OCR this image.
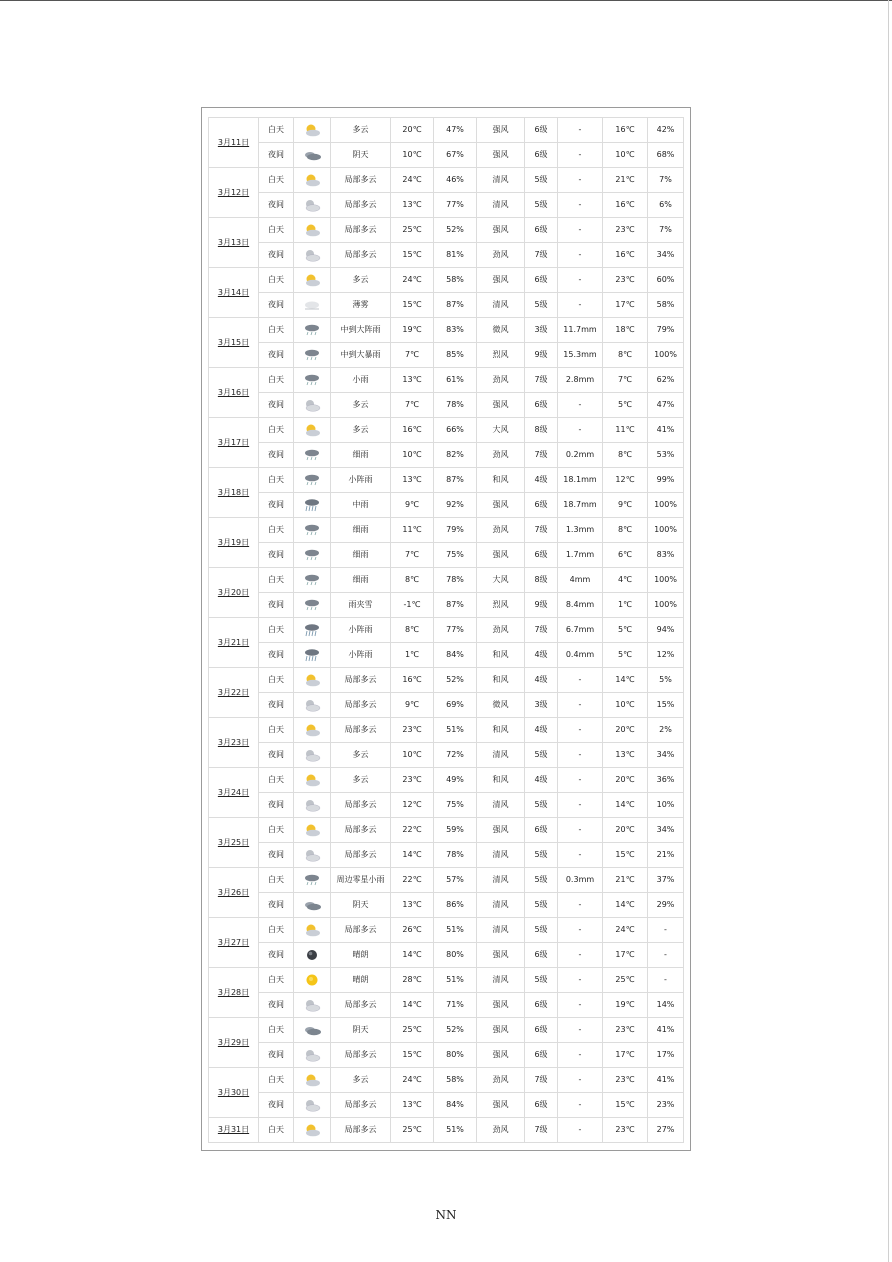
3月11日	白天		多云	20℃	47%	强风	6级	-	16℃	42%
	夜间		阴天	10℃	67%	强风	6级	-	10℃	68%
3月12日	白天		局部多云	24℃	46%	清风	5级	-	21℃	7%
	夜间		局部多云	13℃	77%	清风	5级	-	16℃	6%
3月13日	白天		局部多云	25℃	52%	强风	6级	-	23℃	7%
	夜间		局部多云	15℃	81%	劲风	7级	-	16℃	34%
3月14日	白天		多云	24℃	58%	强风	6级	-	23℃	60%
	夜间		薄雾	15℃	87%	清风	5级	-	17℃	58%
3月15日	白天		中到大阵雨	19℃	83%	微风	3级	11.7mm	18℃	79%
	夜间		中到大暴雨	7℃	85%	烈风	9级	15.3mm	8℃	100%
3月16日	白天		小雨	13℃	61%	劲风	7级	2.8mm	7℃	62%
	夜间		多云	7℃	78%	强风	6级	-	5℃	47%
3月17日	白天		多云	16℃	66%	大风	8级	-	11℃	41%
	夜间		细雨	10℃	82%	劲风	7级	0.2mm	8℃	53%
3月18日	白天		小阵雨	13℃	87%	和风	4级	18.1mm	12℃	99%
	夜间		中雨	9℃	92%	强风	6级	18.7mm	9℃	100%
3月19日	白天		细雨	11℃	79%	劲风	7级	1.3mm	8℃	100%
	夜间		细雨	7℃	75%	强风	6级	1.7mm	6℃	83%
3月20日	白天		细雨	8℃	78%	大风	8级	4mm	4℃	100%
	夜间		雨夹雪	-1℃	87%	烈风	9级	8.4mm	1℃	100%
3月21日	白天		小阵雨	8℃	77%	劲风	7级	6.7mm	5℃	94%
	夜间		小阵雨	1℃	84%	和风	4级	0.4mm	5℃	12%
3月22日	白天		局部多云	16℃	52%	和风	4级	-	14℃	5%
	夜间		局部多云	9℃	69%	微风	3级	-	10℃	15%
3月23日	白天		局部多云	23℃	51%	和风	4级	-	20℃	2%
	夜间		多云	10℃	72%	清风	5级	-	13℃	34%
3月24日	白天		多云	23℃	49%	和风	4级	-	20℃	36%
	夜间		局部多云	12℃	75%	清风	5级	-	14℃	10%
3月25日	白天		局部多云	22℃	59%	强风	6级	-	20℃	34%
	夜间		局部多云	14℃	78%	清风	5级	-	15℃	21%
3月26日	白天		周边零星小雨	22℃	57%	清风	5级	0.3mm	21℃	37%
	夜间		阴天	13℃	86%	清风	5级	-	14℃	29%
3月27日	白天		局部多云	26℃	51%	清风	5级	-	24℃	-
	夜间		晴朗	14℃	80%	强风	6级	-	17℃	-
3月28日	白天		晴朗	28℃	51%	清风	5级	-	25℃	-
	夜间		局部多云	14℃	71%	强风	6级	-	19℃	14%
3月29日	白天		阴天	25℃	52%	强风	6级	-	23℃	41%
	夜间		局部多云	15℃	80%	强风	6级	-	17℃	17%
3月30日	白天		多云	24℃	58%	劲风	7级	-	23℃	41%
	夜间		局部多云	13℃	84%	强风	6级	-	15℃	23%
3月31日	白天		局部多云	25℃	51%	劲风	7级	-	23℃	27%
NN
